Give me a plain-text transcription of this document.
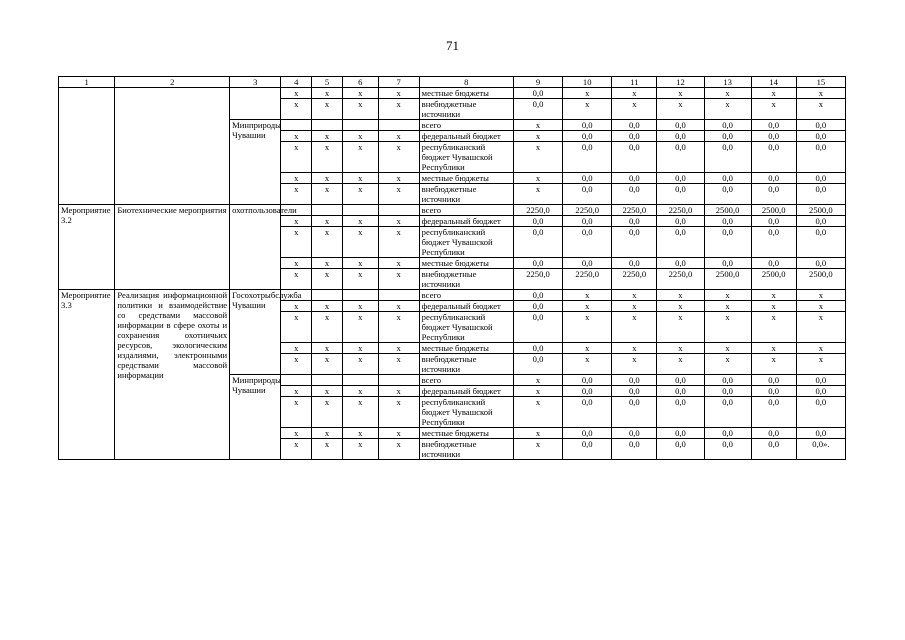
71
1	2	3	4	5	6	7	8	9	10	11	12	13	14	15
			x	x	x	x	местные бюджеты	0,0	x	x	x	x	x	x
			x	x	x	x	внебюджетные источники	0,0	x	x	x	x	x	x
		Минприроды Чувашии					всего	x	0,0	0,0	0,0	0,0	0,0	0,0
			x	x	x	x	федеральный бюджет	x	0,0	0,0	0,0	0,0	0,0	0,0
			x	x	x	x	республиканский бюджет Чувашской Республики	x	0,0	0,0	0,0	0,0	0,0	0,0
			x	x	x	x	местные бюджеты	x	0,0	0,0	0,0	0,0	0,0	0,0
			x	x	x	x	внебюджетные источники	x	0,0	0,0	0,0	0,0	0,0	0,0
Мероприятие 3.2	Биотехнические мероприятия	охотпользователи					всего	2250,0	2250,0	2250,0	2250,0	2500,0	2500,0	2500,0
			x	x	x	x	федеральный бюджет	0,0	0,0	0,0	0,0	0,0	0,0	0,0
			x	x	x	x	республиканский бюджет Чувашской Республики	0,0	0,0	0,0	0,0	0,0	0,0	0,0
			x	x	x	x	местные бюджеты	0,0	0,0	0,0	0,0	0,0	0,0	0,0
			x	x	x	x	внебюджетные источники	2250,0	2250,0	2250,0	2250,0	2500,0	2500,0	2500,0
Мероприятие 3.3	Реализация информационной политики и взаимодействие со средствами массовой информации в сфере охоты и сохранения охотничьих ресурсов, экологическим издалиями, электронными средствами массовой информации	Госохотрыбслужба Чувашии					всего	0,0	x	x	x	x	x	x
			x	x	x	x	федеральный бюджет	0,0	x	x	x	x	x	x
			x	x	x	x	республиканский бюджет Чувашской Республики	0,0	x	x	x	x	x	x
			x	x	x	x	местные бюджеты	0,0	x	x	x	x	x	x
			x	x	x	x	внебюджетные источники	0,0	x	x	x	x	x	x
		Минприроды Чувашии					всего	x	0,0	0,0	0,0	0,0	0,0	0,0
			x	x	x	x	федеральный бюджет	x	0,0	0,0	0,0	0,0	0,0	0,0
			x	x	x	x	республиканский бюджет Чувашской Республики	x	0,0	0,0	0,0	0,0	0,0	0,0
			x	x	x	x	местные бюджеты	x	0,0	0,0	0,0	0,0	0,0	0,0
			x	x	x	x	внебюджетные источники	x	0,0	0,0	0,0	0,0	0,0	0,0».
